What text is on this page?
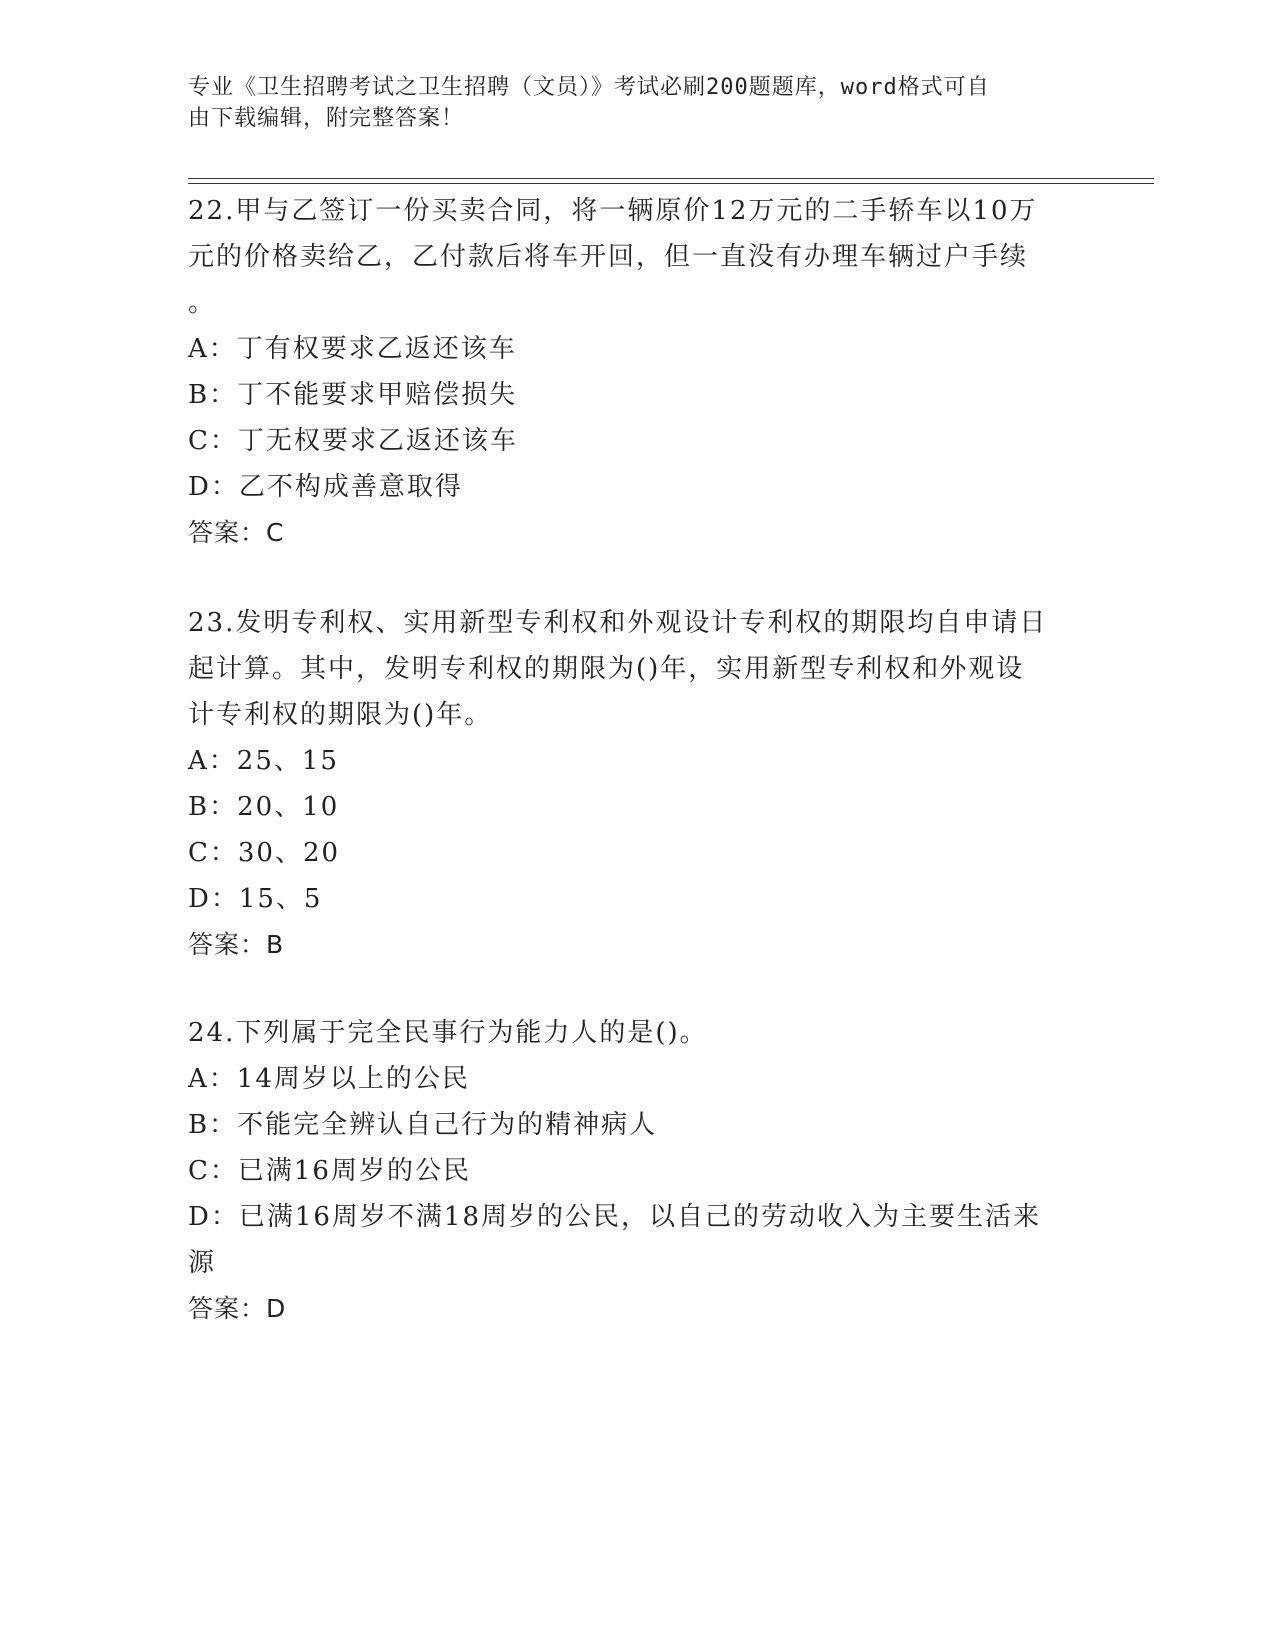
专业《卫生招聘考试之卫生招聘（文员）》考试必刷200题题库，word格式可自
由下载编辑，附完整答案！

22.甲与乙签订一份买卖合同，将一辆原价12万元的二手轿车以10万

元的价格卖给乙，乙付款后将车开回，但一直没有办理车辆过户手续

。

A：丁有权要求乙返还该车

B：丁不能要求甲赔偿损失

C：丁无权要求乙返还该车

D：乙不构成善意取得

答案：C

23.发明专利权、实用新型专利权和外观设计专利权的期限均自申请日

起计算。其中，发明专利权的期限为()年，实用新型专利权和外观设

计专利权的期限为()年。

A：25、15

B：20、10

C：30、20

D：15、5

答案：B

24.下列属于完全民事行为能力人的是()。

A：14周岁以上的公民

B：不能完全辨认自己行为的精神病人

C：已满16周岁的公民

D：已满16周岁不满18周岁的公民，以自己的劳动收入为主要生活来

源

答案：D
